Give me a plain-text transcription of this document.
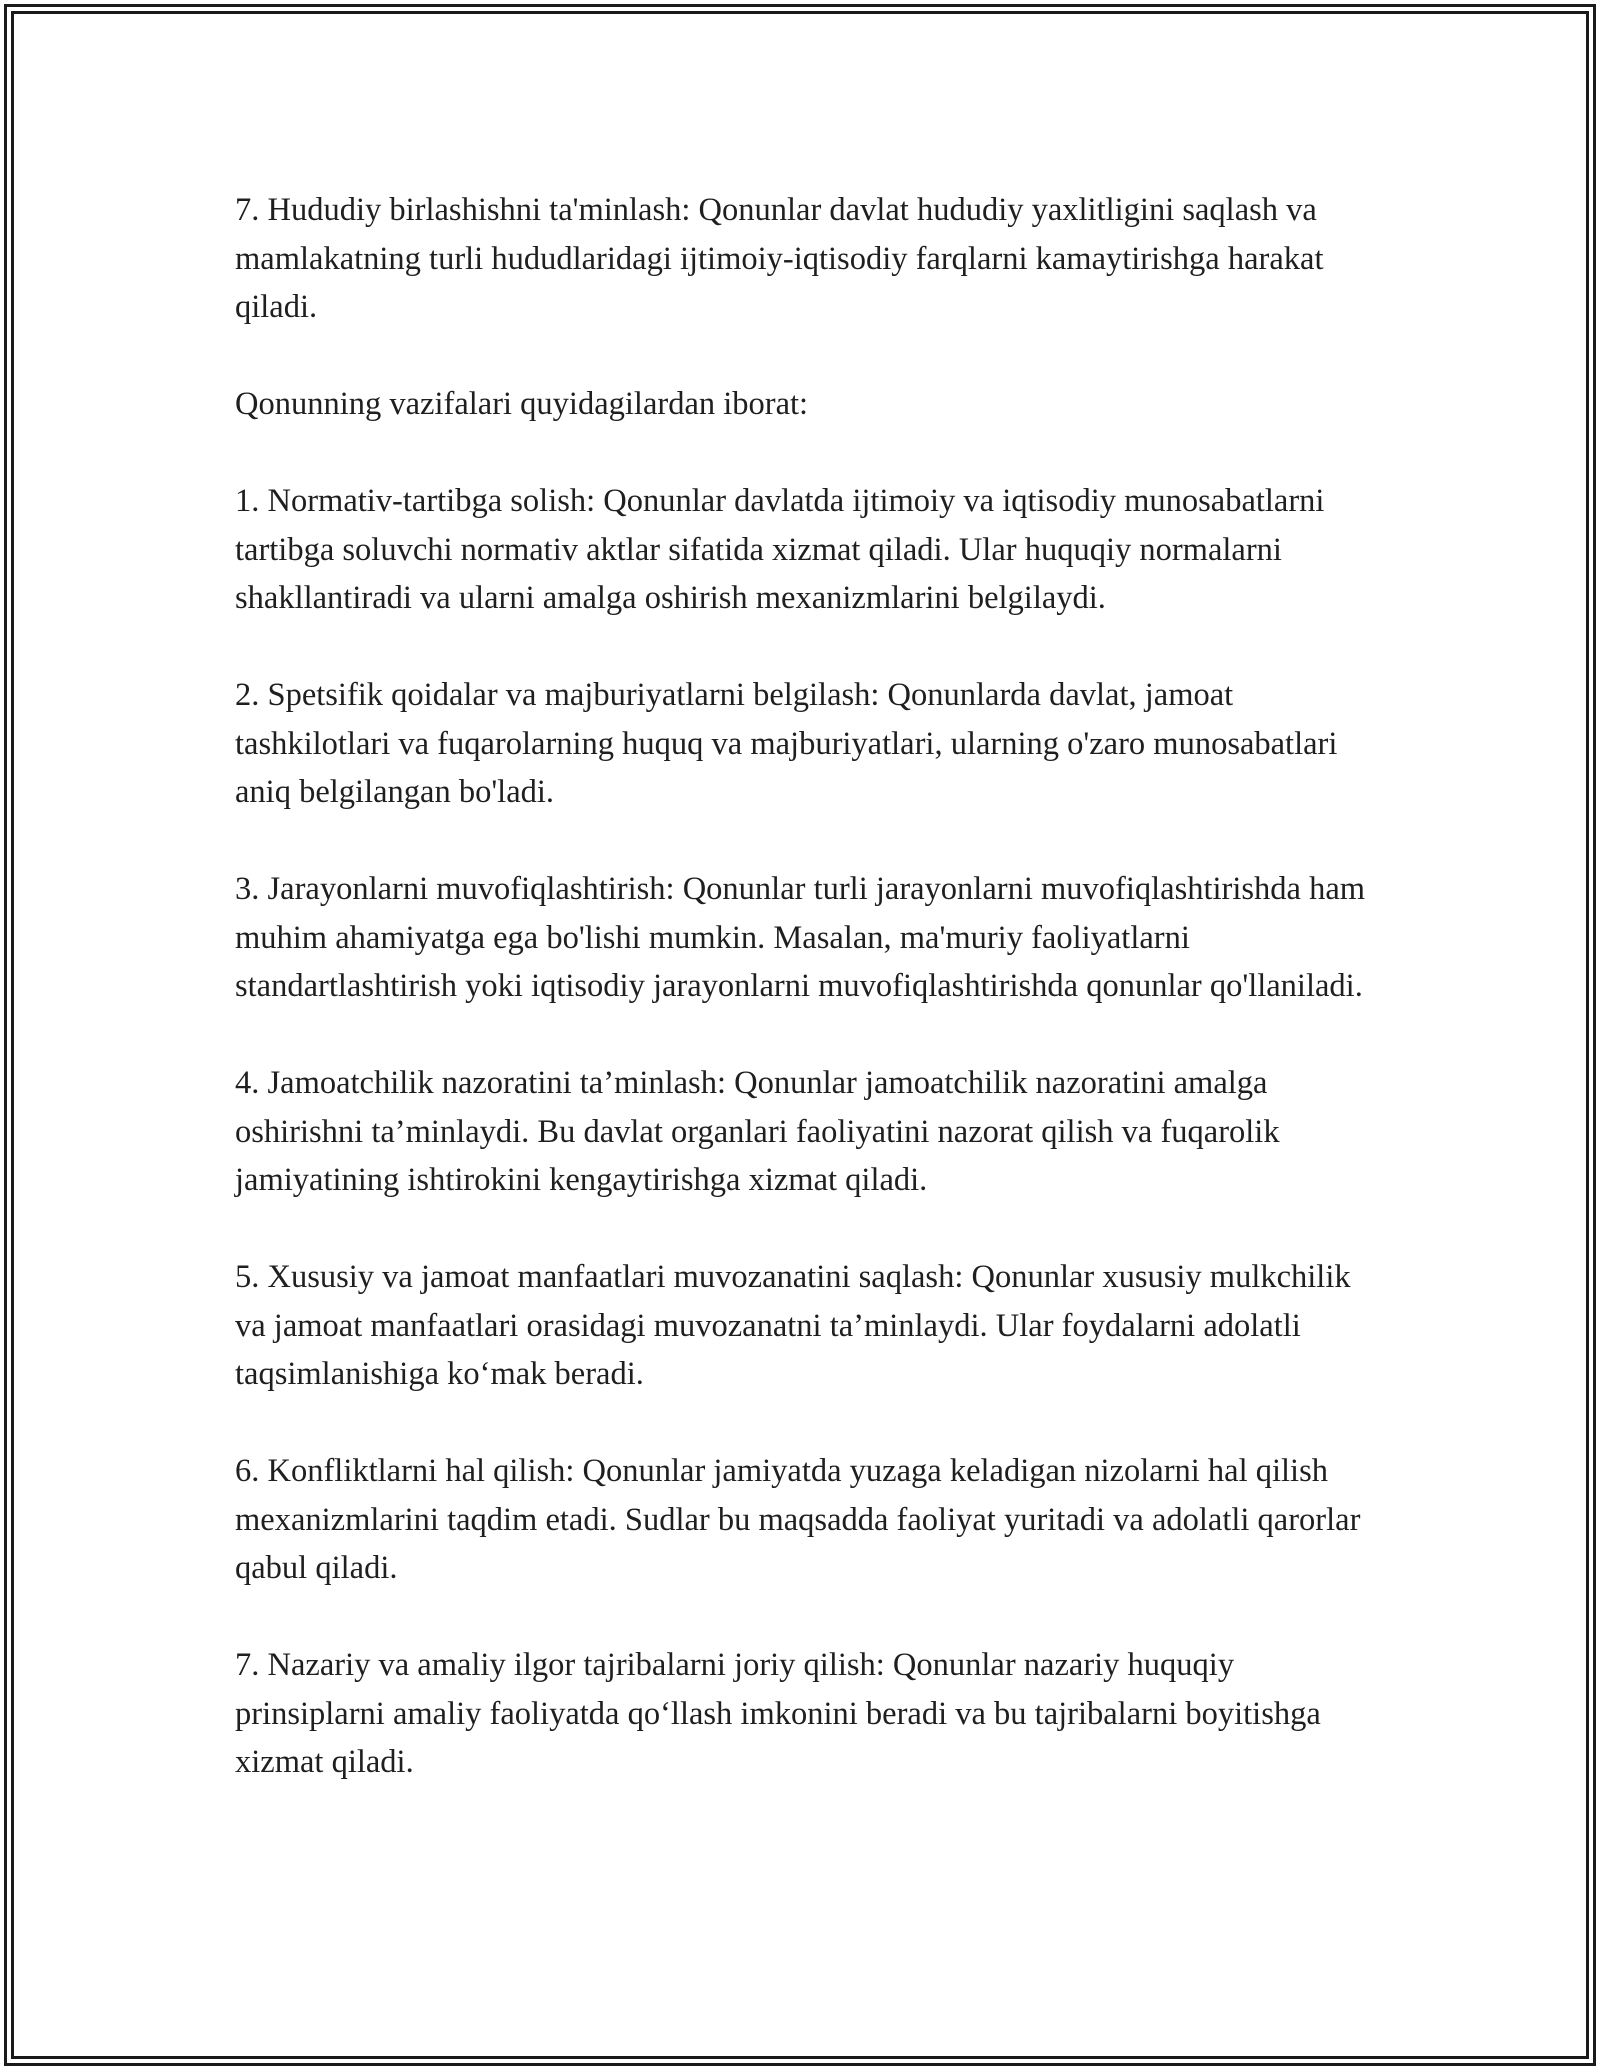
7. Hududiy birlashishni ta'minlash: Qonunlar davlat hududiy yaxlitligini saqlash va mamlakatning turli hududlaridagi ijtimoiy-iqtisodiy farqlarni kamaytirishga harakat qiladi.

Qonunning vazifalari quyidagilardan iborat:

1. Normativ-tartibga solish: Qonunlar davlatda ijtimoiy va iqtisodiy munosabatlarni tartibga soluvchi normativ aktlar sifatida xizmat qiladi. Ular huquqiy normalarni shakllantiradi va ularni amalga oshirish mexanizmlarini belgilaydi.

2. Spetsifik qoidalar va majburiyatlarni belgilash: Qonunlarda davlat, jamoat tashkilotlari va fuqarolarning huquq va majburiyatlari, ularning o'zaro munosabatlari aniq belgilangan bo'ladi.

3. Jarayonlarni muvofiqlashtirish: Qonunlar turli jarayonlarni muvofiqlashtirishda ham muhim ahamiyatga ega bo'lishi mumkin. Masalan, ma'muriy faoliyatlarni standartlashtirish yoki iqtisodiy jarayonlarni muvofiqlashtirishda qonunlar qo'llaniladi.

4. Jamoatchilik nazoratini ta’minlash: Qonunlar jamoatchilik nazoratini amalga oshirishni ta’minlaydi. Bu davlat organlari faoliyatini nazorat qilish va fuqarolik jamiyatining ishtirokini kengaytirishga xizmat qiladi.

5. Xususiy va jamoat manfaatlari muvozanatini saqlash: Qonunlar xususiy mulkchilik va jamoat manfaatlari orasidagi muvozanatni ta’minlaydi. Ular foydalarni adolatli taqsimlanishiga ko‘mak beradi.

6. Konfliktlarni hal qilish: Qonunlar jamiyatda yuzaga keladigan nizolarni hal qilish mexanizmlarini taqdim etadi. Sudlar bu maqsadda faoliyat yuritadi va adolatli qarorlar qabul qiladi.

7. Nazariy va amaliy ilgor tajribalarni joriy qilish: Qonunlar nazariy huquqiy prinsiplarni amaliy faoliyatda qo‘llash imkonini beradi va bu tajribalarni boyitishga xizmat qiladi.
